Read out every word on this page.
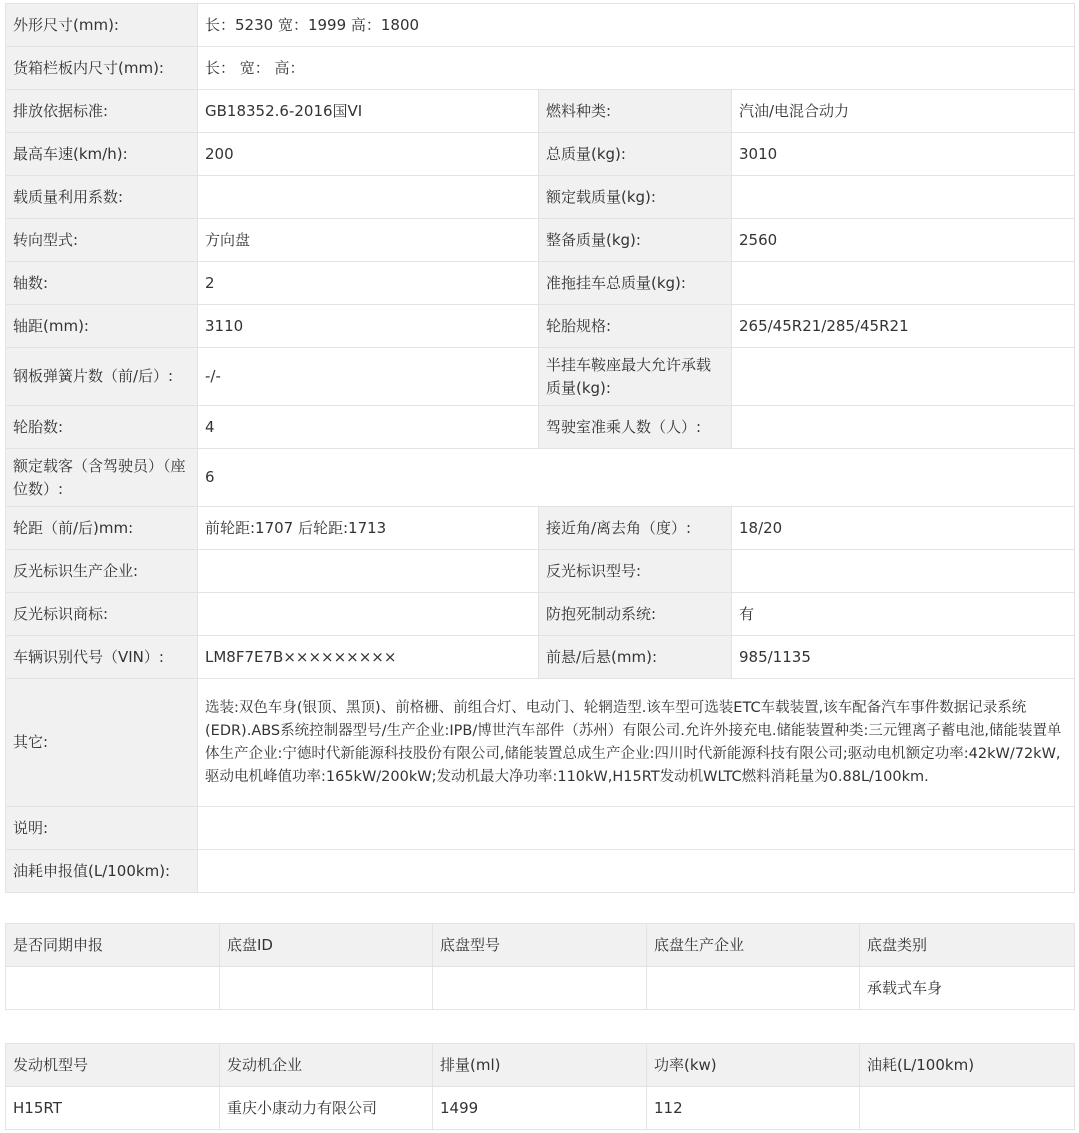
外形尺寸(mm):	长：5230 宽：1999 高：1800		
货箱栏板内尺寸(mm):	长： 宽： 高：		
排放依据标准:	GB18352.6-2016国VI	燃料种类:	汽油/电混合动力
最高车速(km/h):	200	总质量(kg):	3010
载质量利用系数:		额定载质量(kg):	
转向型式:	方向盘	整备质量(kg):	2560
轴数:	2	准拖挂车总质量(kg):	
轴距(mm):	3110	轮胎规格:	265/45R21/285/45R21
钢板弹簧片数（前/后）:	-/-	半挂车鞍座最大允许承载质量(kg):	
轮胎数:	4	驾驶室准乘人数（人）:	
额定载客（含驾驶员）（座位数）:	6		
轮距（前/后)mm:	前轮距:1707 后轮距:1713	接近角/离去角（度）:	18/20
反光标识生产企业:		反光标识型号:	
反光标识商标:		防抱死制动系统:	有
车辆识别代号（VIN）:	LM8F7E7B×××××××××	前悬/后悬(mm):	985/1135
其它:	选装:双色车身(银顶、黑顶)、前格栅、前组合灯、电动门、轮辋造型.该车型可选装ETC车载装置,该车配备汽车事件数据记录系统(EDR).ABS系统控制器型号/生产企业:IPB/博世汽车部件（苏州）有限公司.允许外接充电.储能装置种类:三元锂离子蓄电池,储能装置单体生产企业:宁德时代新能源科技股份有限公司,储能装置总成生产企业:四川时代新能源科技有限公司;驱动电机额定功率:42kW/72kW,驱动电机峰值功率:165kW/200kW;发动机最大净功率:110kW,H15RT发动机WLTC燃料消耗量为0.88L/100km.		
说明:			
油耗申报值(L/100km):			
是否同期申报	底盘ID	底盘型号	底盘生产企业	底盘类别
				承载式车身
发动机型号	发动机企业	排量(ml)	功率(kw)	油耗(L/100km)
H15RT	重庆小康动力有限公司	1499	112	
